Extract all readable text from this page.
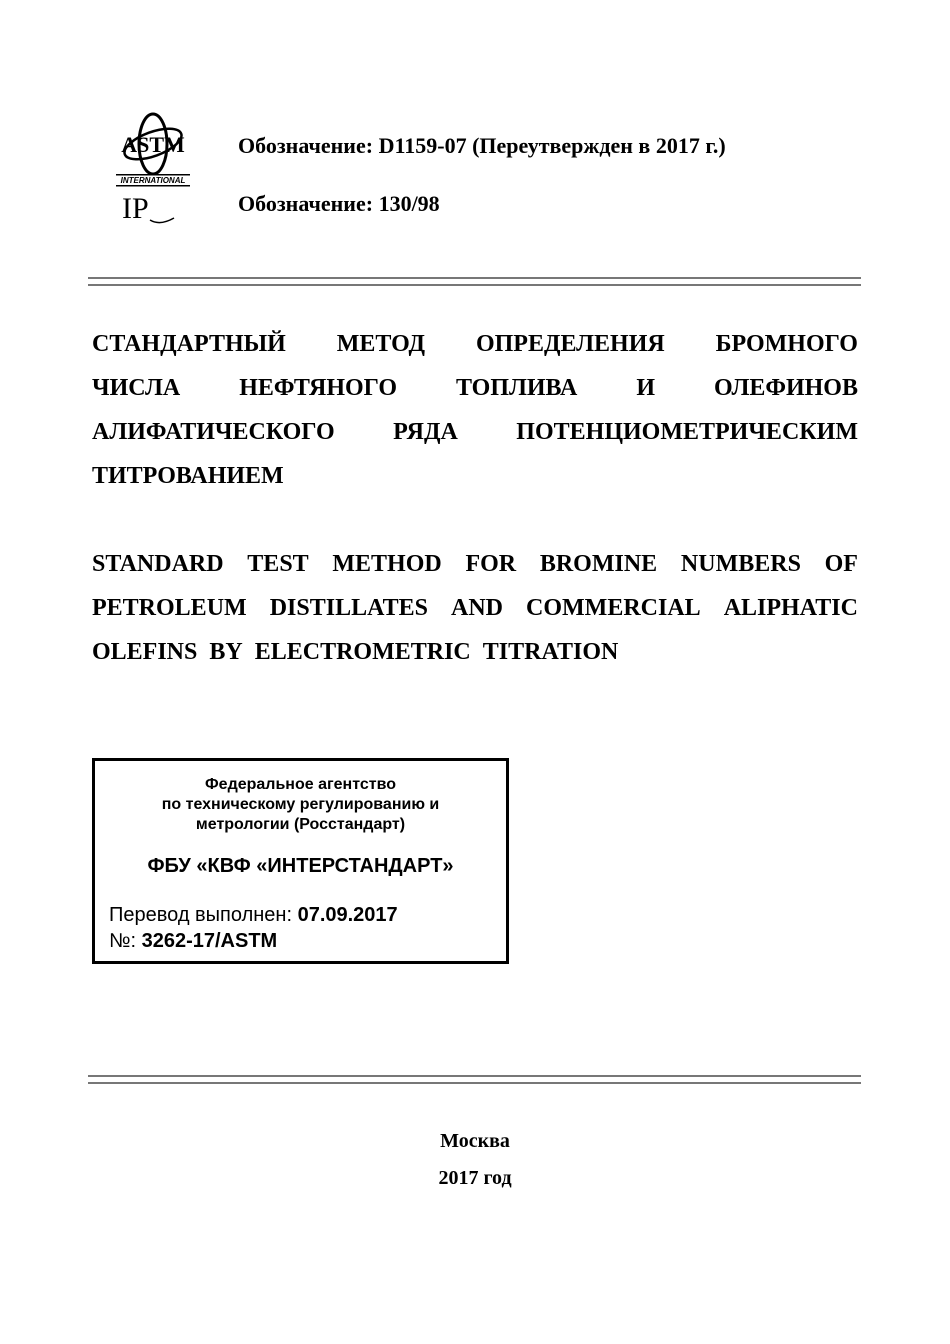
ASTM
INTERNATIONAL
IP
Обозначение: D1159-07 (Переутвержден в 2017 г.)
Обозначение: 130/98
СТАНДАРТНЫЙ МЕТОД ОПРЕДЕЛЕНИЯ БРОМНОГО
ЧИСЛА НЕФТЯНОГО ТОПЛИВА И ОЛЕФИНОВ
АЛИФАТИЧЕСКОГО РЯДА ПОТЕНЦИОМЕТРИЧЕСКИМ
ТИТРОВАНИЕМ
STANDARD TEST METHOD FOR BROMINE NUMBERS OF
PETROLEUM DISTILLATES AND COMMERCIAL ALIPHATIC
OLEFINS BY ELECTROMETRIC TITRATION
Федеральное агентство
по техническому регулированию и
метрологии (Росстандарт)
ФБУ «КВФ «ИНТЕРСТАНДАРТ»
Перевод выполнен: 07.09.2017
№: 3262-17/ASTM
Москва
2017 год
